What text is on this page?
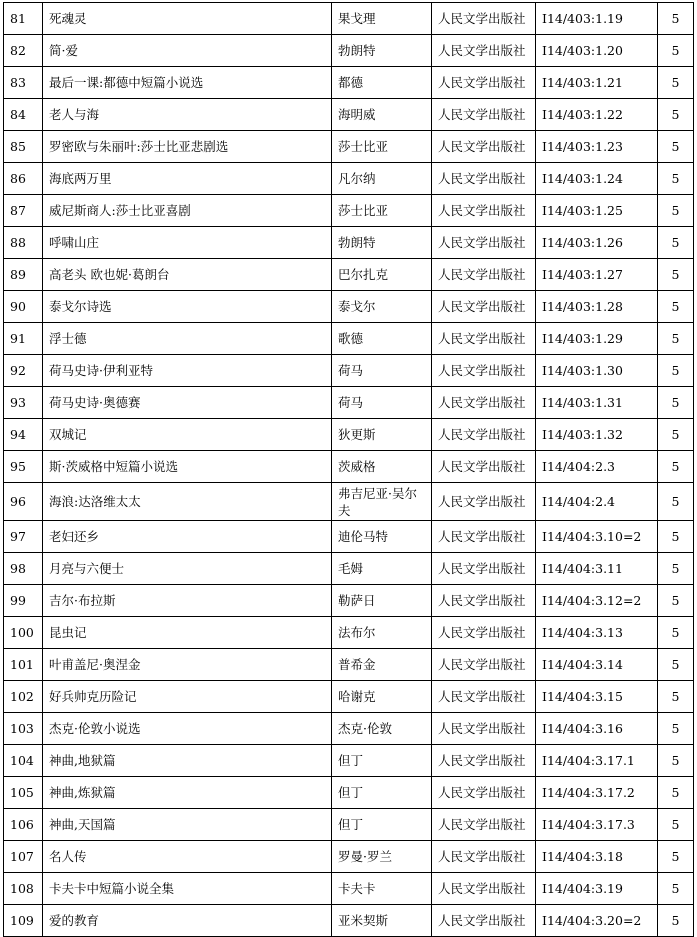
81	死魂灵	果戈理	人民文学出版社	I14/403:1.19	5
82	简·爱	勃朗特	人民文学出版社	I14/403:1.20	5
83	最后一课:都德中短篇小说选	都德	人民文学出版社	I14/403:1.21	5
84	老人与海	海明威	人民文学出版社	I14/403:1.22	5
85	罗密欧与朱丽叶:莎士比亚悲剧选	莎士比亚	人民文学出版社	I14/403:1.23	5
86	海底两万里	凡尔纳	人民文学出版社	I14/403:1.24	5
87	威尼斯商人:莎士比亚喜剧	莎士比亚	人民文学出版社	I14/403:1.25	5
88	呼啸山庄	勃朗特	人民文学出版社	I14/403:1.26	5
89	高老头 欧也妮·葛朗台	巴尔扎克	人民文学出版社	I14/403:1.27	5
90	泰戈尔诗选	泰戈尔	人民文学出版社	I14/403:1.28	5
91	浮士德	歌德	人民文学出版社	I14/403:1.29	5
92	荷马史诗·伊利亚特	荷马	人民文学出版社	I14/403:1.30	5
93	荷马史诗·奥德赛	荷马	人民文学出版社	I14/403:1.31	5
94	双城记	狄更斯	人民文学出版社	I14/403:1.32	5
95	斯·茨威格中短篇小说选	茨威格	人民文学出版社	I14/404:2.3	5
96	海浪:达洛维太太	弗吉尼亚·吴尔夫	人民文学出版社	I14/404:2.4	5
97	老妇还乡	迪伦马特	人民文学出版社	I14/404:3.10=2	5
98	月亮与六便士	毛姆	人民文学出版社	I14/404:3.11	5
99	吉尔·布拉斯	勒萨日	人民文学出版社	I14/404:3.12=2	5
100	昆虫记	法布尔	人民文学出版社	I14/404:3.13	5
101	叶甫盖尼·奥涅金	普希金	人民文学出版社	I14/404:3.14	5
102	好兵帅克历险记	哈谢克	人民文学出版社	I14/404:3.15	5
103	杰克·伦敦小说选	杰克·伦敦	人民文学出版社	I14/404:3.16	5
104	神曲,地狱篇	但丁	人民文学出版社	I14/404:3.17.1	5
105	神曲,炼狱篇	但丁	人民文学出版社	I14/404:3.17.2	5
106	神曲,天国篇	但丁	人民文学出版社	I14/404:3.17.3	5
107	名人传	罗曼·罗兰	人民文学出版社	I14/404:3.18	5
108	卡夫卡中短篇小说全集	卡夫卡	人民文学出版社	I14/404:3.19	5
109	爱的教育	亚米契斯	人民文学出版社	I14/404:3.20=2	5
